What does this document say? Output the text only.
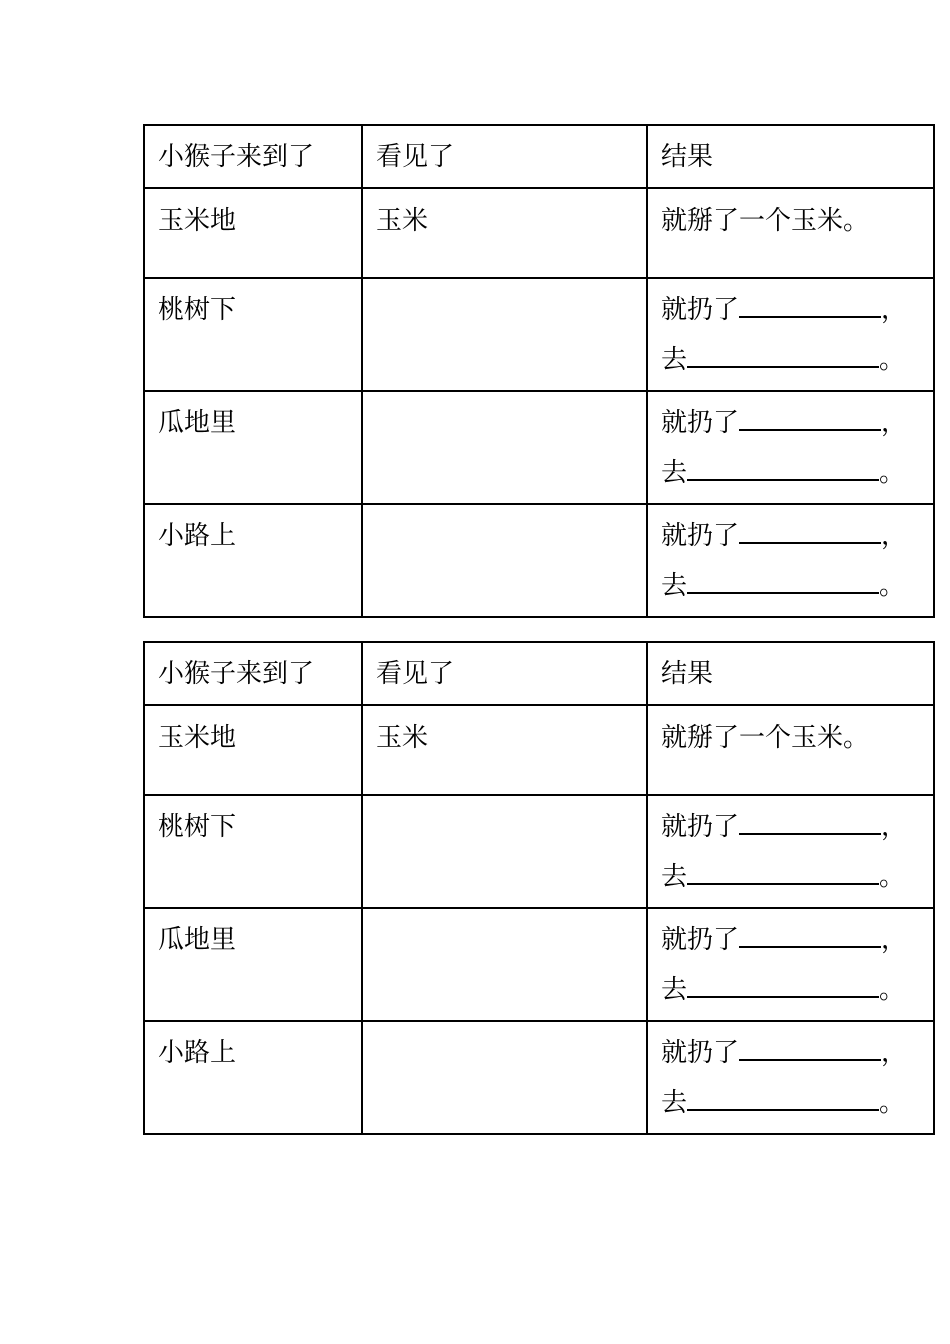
小猴子来到了	看见了	结果
玉米地	玉米	就掰了一个玉米。
桃树下		就扔了 ，
去 。

瓜地里		就扔了 ，
去 。

小路上		就扔了 ，
去 。
小猴子来到了	看见了	结果
玉米地	玉米	就掰了一个玉米。
桃树下		就扔了 ，
去 。

瓜地里		就扔了 ，
去 。

小路上		就扔了 ，
去 。
